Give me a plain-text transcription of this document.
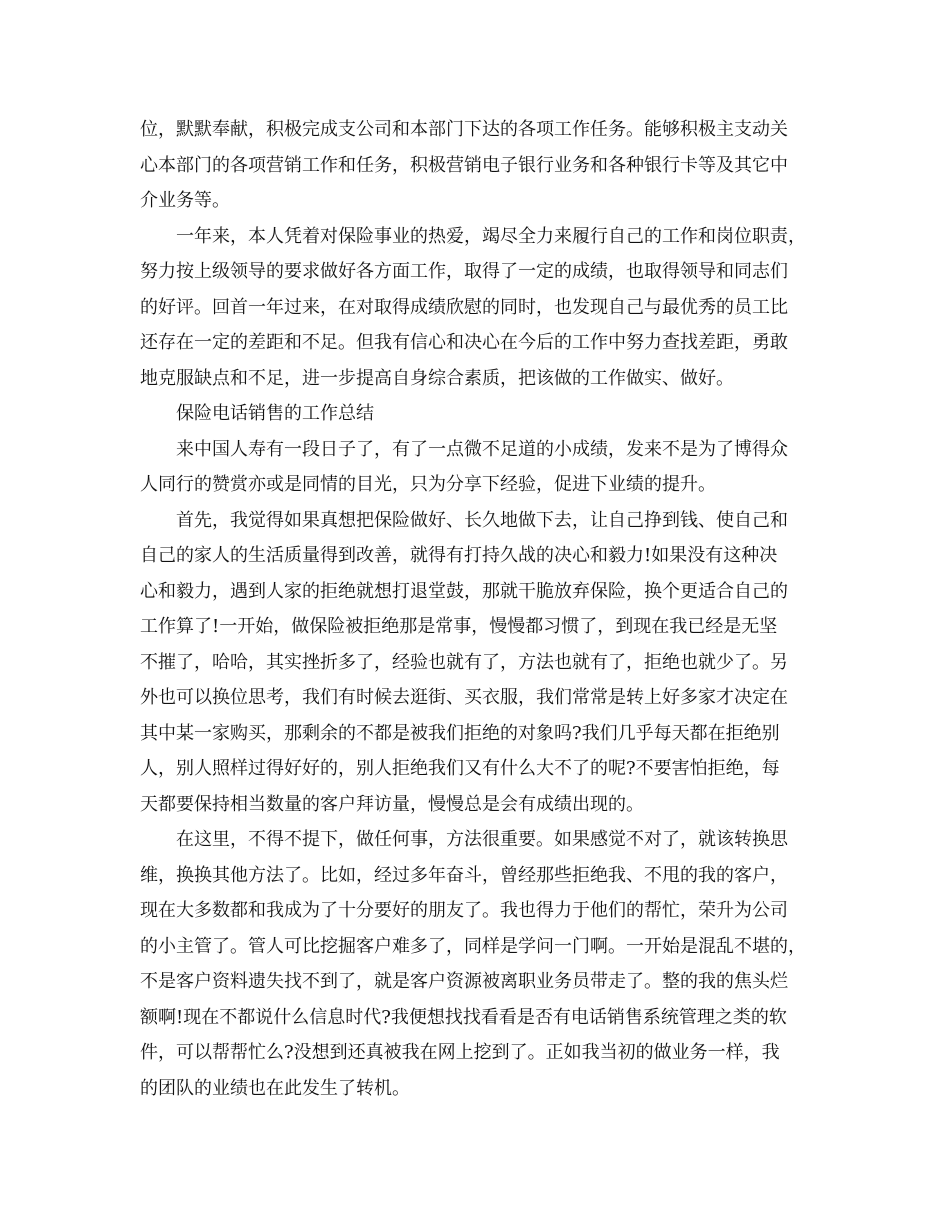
位，默默奉献，积极完成支公司和本部门下达的各项工作任务。能够积极主支动关
心本部门的各项营销工作和任务，积极营销电子银行业务和各种银行卡等及其它中
介业务等。
一年来，本人凭着对保险事业的热爱，竭尽全力来履行自己的工作和岗位职责，
努力按上级领导的要求做好各方面工作，取得了一定的成绩，也取得领导和同志们
的好评。回首一年过来，在对取得成绩欣慰的同时，也发现自己与最优秀的员工比
还存在一定的差距和不足。但我有信心和决心在今后的工作中努力查找差距，勇敢
地克服缺点和不足，进一步提高自身综合素质，把该做的工作做实、做好。
保险电话销售的工作总结
来中国人寿有一段日子了，有了一点微不足道的小成绩，发来不是为了博得众
人同行的赞赏亦或是同情的目光，只为分享下经验，促进下业绩的提升。
首先，我觉得如果真想把保险做好、长久地做下去，让自己挣到钱、使自己和
自己的家人的生活质量得到改善，就得有打持久战的决心和毅力!如果没有这种决
心和毅力，遇到人家的拒绝就想打退堂鼓，那就干脆放弃保险，换个更适合自己的
工作算了!一开始，做保险被拒绝那是常事，慢慢都习惯了，到现在我已经是无坚
不摧了，哈哈，其实挫折多了，经验也就有了，方法也就有了，拒绝也就少了。另
外也可以换位思考，我们有时候去逛街、买衣服，我们常常是转上好多家才决定在
其中某一家购买，那剩余的不都是被我们拒绝的对象吗?我们几乎每天都在拒绝别
人，别人照样过得好好的，别人拒绝我们又有什么大不了的呢?不要害怕拒绝，每
天都要保持相当数量的客户拜访量，慢慢总是会有成绩出现的。
在这里，不得不提下，做任何事，方法很重要。如果感觉不对了，就该转换思
维，换换其他方法了。比如，经过多年奋斗，曾经那些拒绝我、不甩的我的客户，
现在大多数都和我成为了十分要好的朋友了。我也得力于他们的帮忙，荣升为公司
的小主管了。管人可比挖掘客户难多了，同样是学问一门啊。一开始是混乱不堪的，
不是客户资料遗失找不到了，就是客户资源被离职业务员带走了。整的我的焦头烂
额啊!现在不都说什么信息时代?我便想找找看看是否有电话销售系统管理之类的软
件，可以帮帮忙么?没想到还真被我在网上挖到了。正如我当初的做业务一样，我
的团队的业绩也在此发生了转机。
